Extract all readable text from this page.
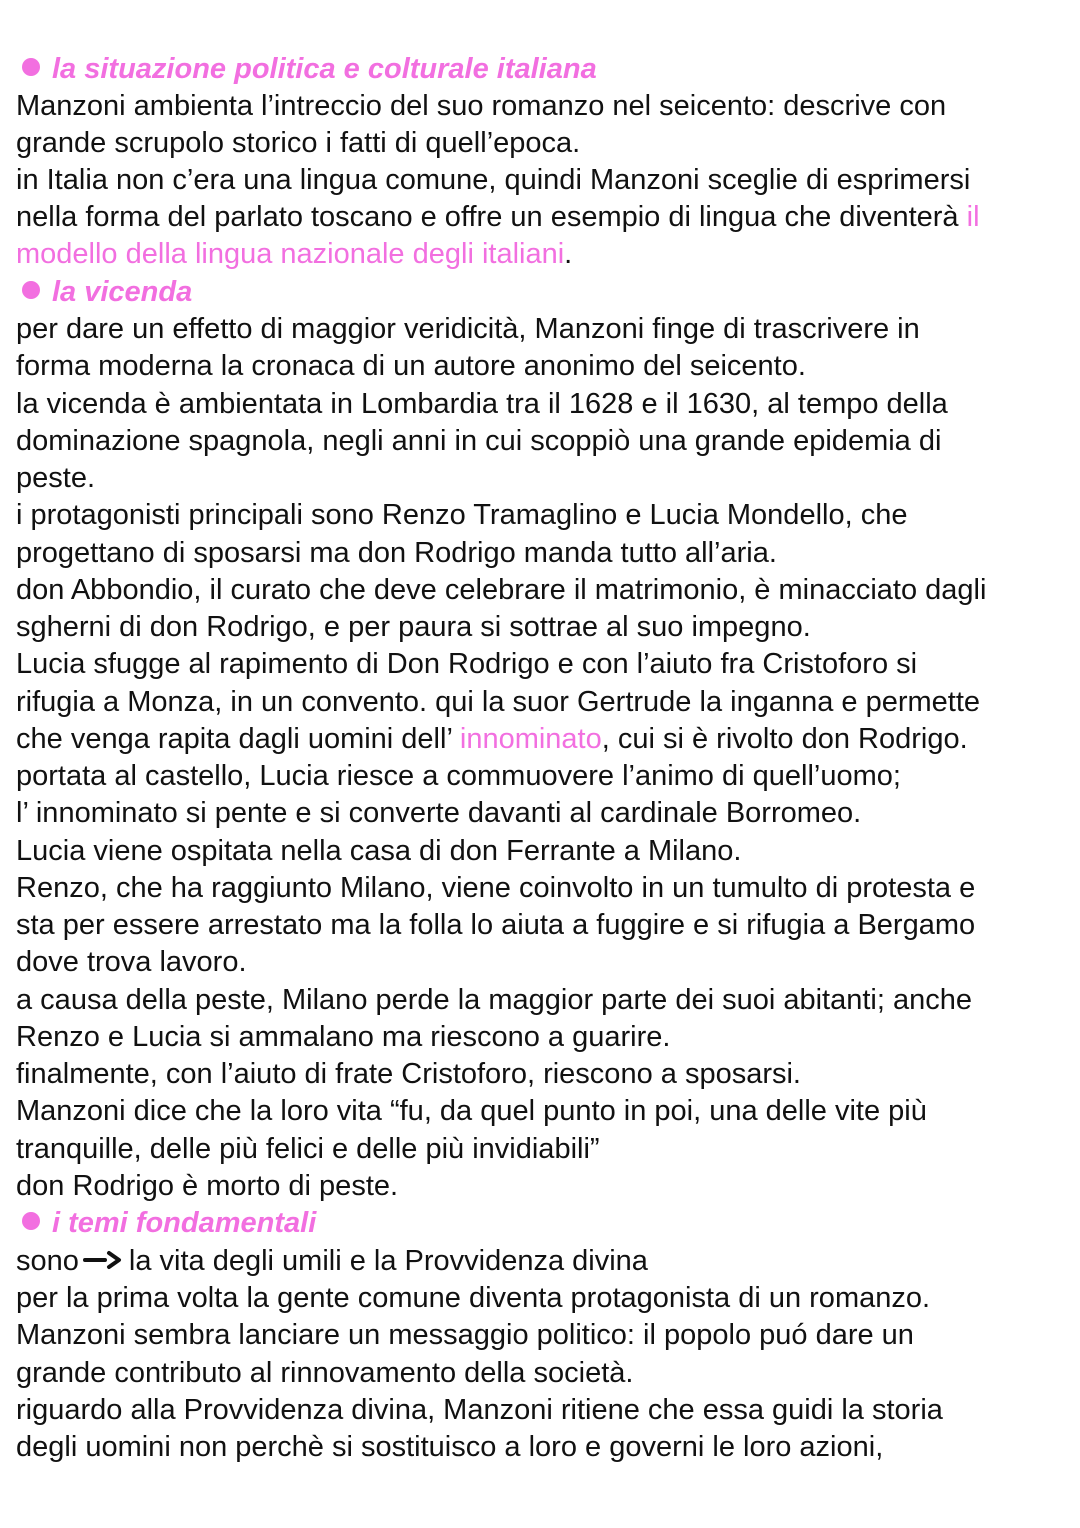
la situazione politica e colturale italiana
Manzoni ambienta l’intreccio del suo romanzo nel seicento: descrive con
grande scrupolo storico i fatti di quell’epoca.
in Italia non c’era una lingua comune, quindi Manzoni sceglie di esprimersi
nella forma del parlato toscano e offre un esempio di lingua che diventerà il
modello della lingua nazionale degli italiani.
la vicenda
per dare un effetto di maggior veridicità, Manzoni finge di trascrivere in
forma moderna la cronaca di un autore anonimo del seicento.
la vicenda è ambientata in Lombardia tra il 1628 e il 1630, al tempo della
dominazione spagnola, negli anni in cui scoppiò una grande epidemia di
peste.
i protagonisti principali sono Renzo Tramaglino e Lucia Mondello, che
progettano di sposarsi ma don Rodrigo manda tutto all’aria.
don Abbondio, il curato che deve celebrare il matrimonio, è minacciato dagli
sgherni di don Rodrigo, e per paura si sottrae al suo impegno.
Lucia sfugge al rapimento di Don Rodrigo e con l’aiuto fra Cristoforo si
rifugia a Monza, in un convento. qui la suor Gertrude la inganna e permette
che venga rapita dagli uomini dell’ innominato, cui si è rivolto don Rodrigo.
portata al castello, Lucia riesce a commuovere l’animo di quell’uomo;
l’ innominato si pente e si converte davanti al cardinale Borromeo.
Lucia viene ospitata nella casa di don Ferrante a Milano.
Renzo, che ha raggiunto Milano, viene coinvolto in un tumulto di protesta e
sta per essere arrestato ma la folla lo aiuta a fuggire e si rifugia a Bergamo
dove trova lavoro.
a causa della peste, Milano perde la maggior parte dei suoi abitanti; anche
Renzo e Lucia si ammalano ma riescono a guarire.
finalmente, con l’aiuto di frate Cristoforo, riescono a sposarsi.
Manzoni dice che la loro vita “fu, da quel punto in poi, una delle vite più
tranquille, delle più felici e delle più invidiabili”
don Rodrigo è morto di peste.
i temi fondamentali
sono la vita degli umili e la Provvidenza divina
per la prima volta la gente comune diventa protagonista di un romanzo.
Manzoni sembra lanciare un messaggio politico: il popolo puó dare un
grande contributo al rinnovamento della società.
riguardo alla Provvidenza divina, Manzoni ritiene che essa guidi la storia
degli uomini non perchè si sostituisco a loro e governi le loro azioni,
